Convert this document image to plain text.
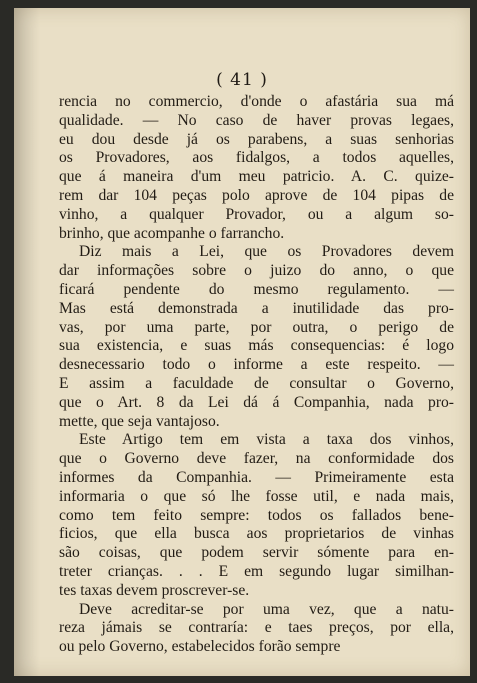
( 41 )
rencia no commercio, d'onde o afastária sua má
qualidade. — No caso de haver provas legaes,
eu dou desde já os parabens, a suas senhorias
os Provadores, aos fidalgos, a todos aquelles,
que á maneira d'um meu patricio. A. C. quize-
rem dar 104 peças polo aprove de 104 pipas de
vinho, a qualquer Provador, ou a algum so-
brinho, que acompanhe o farrancho.
Diz mais a Lei, que os Provadores devem
dar informações sobre o juizo do anno, o que
ficará pendente do mesmo regulamento. —
Mas está demonstrada a inutilidade das pro-
vas, por uma parte, por outra, o perigo de
sua existencia, e suas más consequencias: é logo
desnecessario todo o informe a este respeito. —
E assim a faculdade de consultar o Governo,
que o Art. 8 da Lei dá á Companhia, nada pro-
mette, que seja vantajoso.
Este Artigo tem em vista a taxa dos vinhos,
que o Governo deve fazer, na conformidade dos
informes da Companhia. — Primeiramente esta
informaria o que só lhe fosse util, e nada mais,
como tem feito sempre: todos os fallados bene-
ficios, que ella busca aos proprietarios de vinhas
são coisas, que podem servir sómente para en-
treter crianças. . . E em segundo lugar similhan-
tes taxas devem proscrever-se.
Deve acreditar-se por uma vez, que a natu-
reza jámais se contraría: e taes preços, por ella,
ou pelo Governo, estabelecidos forão sempre
